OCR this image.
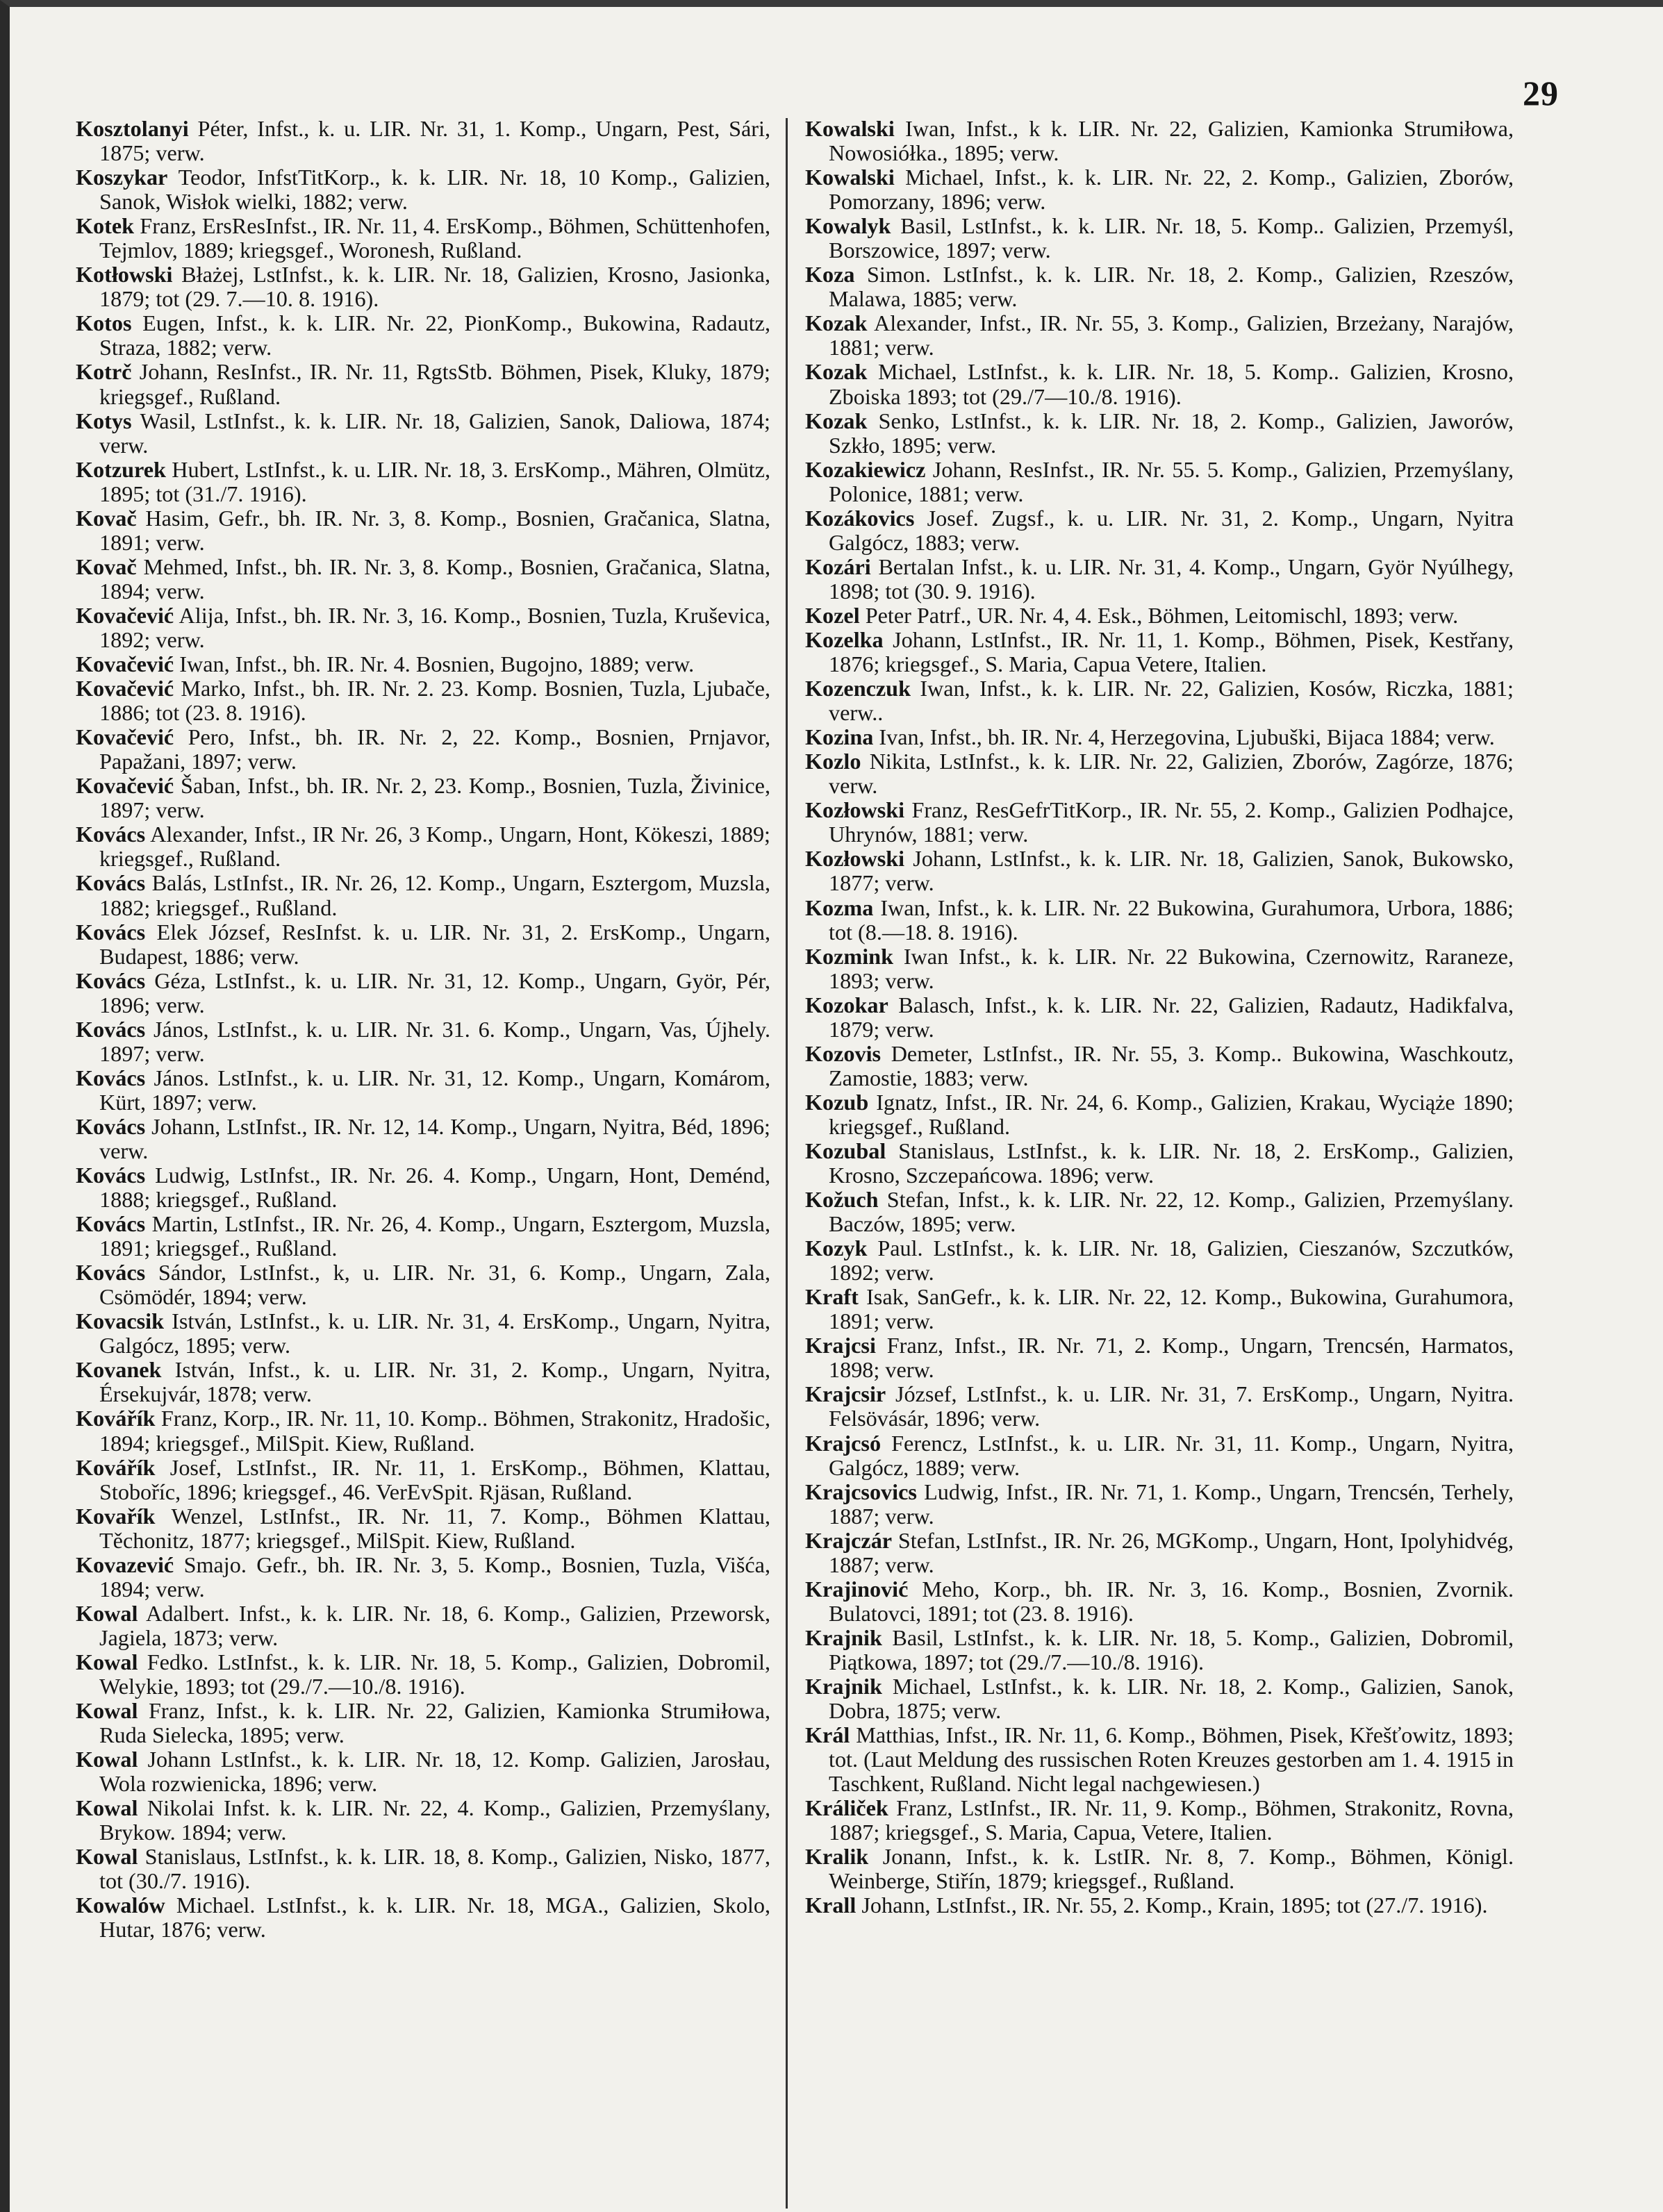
29

Kosztolanyi Péter, Infst., k. u. LIR. Nr. 31, 1. Komp., Ungarn, Pest, Sári, 1875; verw.

Koszykar Teodor, InfstTitKorp., k. k. LIR. Nr. 18, 10 Komp., Galizien, Sanok, Wisłok wielki, 1882; verw.

Kotek Franz, ErsResInfst., IR. Nr. 11, 4. ErsKomp., Böhmen, Schüttenhofen, Tejmlov, 1889; kriegsgef., Woronesh, Rußland.

Kotłowski Błażej, LstInfst., k. k. LIR. Nr. 18, Galizien, Krosno, Jasionka, 1879; tot (29. 7.—10. 8. 1916).

Kotos Eugen, Infst., k. k. LIR. Nr. 22, PionKomp., Bukowina, Radautz, Straza, 1882; verw.

Kotrč Johann, ResInfst., IR. Nr. 11, RgtsStb. Böhmen, Pisek, Kluky, 1879; kriegsgef., Rußland.

Kotys Wasil, LstInfst., k. k. LIR. Nr. 18, Galizien, Sanok, Daliowa, 1874; verw.

Kotzurek Hubert, LstInfst., k. u. LIR. Nr. 18, 3. ErsKomp., Mähren, Olmütz, 1895; tot (31./7. 1916).

Kovač Hasim, Gefr., bh. IR. Nr. 3, 8. Komp., Bosnien, Gračanica, Slatna, 1891; verw.

Kovač Mehmed, Infst., bh. IR. Nr. 3, 8. Komp., Bosnien, Gračanica, Slatna, 1894; verw.

Kovačević Alija, Infst., bh. IR. Nr. 3, 16. Komp., Bosnien, Tuzla, Kruševica, 1892; verw.

Kovačević Iwan, Infst., bh. IR. Nr. 4. Bosnien, Bugojno, 1889; verw.

Kovačević Marko, Infst., bh. IR. Nr. 2. 23. Komp. Bosnien, Tuzla, Ljubače, 1886; tot (23. 8. 1916).

Kovačević Pero, Infst., bh. IR. Nr. 2, 22. Komp., Bosnien, Prnjavor, Papažani, 1897; verw.

Kovačević Šaban, Infst., bh. IR. Nr. 2, 23. Komp., Bosnien, Tuzla, Živinice, 1897; verw.

Kovács Alexander, Infst., IR Nr. 26, 3 Komp., Ungarn, Hont, Kökeszi, 1889; kriegsgef., Rußland.

Kovács Balás, LstInfst., IR. Nr. 26, 12. Komp., Ungarn, Esztergom, Muzsla, 1882; kriegsgef., Rußland.

Kovács Elek József, ResInfst. k. u. LIR. Nr. 31, 2. ErsKomp., Ungarn, Budapest, 1886; verw.

Kovács Géza, LstInfst., k. u. LIR. Nr. 31, 12. Komp., Ungarn, Györ, Pér, 1896; verw.

Kovács János, LstInfst., k. u. LIR. Nr. 31. 6. Komp., Ungarn, Vas, Újhely. 1897; verw.

Kovács János. LstInfst., k. u. LIR. Nr. 31, 12. Komp., Ungarn, Komárom, Kürt, 1897; verw.

Kovács Johann, LstInfst., IR. Nr. 12, 14. Komp., Ungarn, Nyitra, Béd, 1896; verw.

Kovács Ludwig, LstInfst., IR. Nr. 26. 4. Komp., Ungarn, Hont, Deménd, 1888; kriegsgef., Rußland.

Kovács Martin, LstInfst., IR. Nr. 26, 4. Komp., Ungarn, Esztergom, Muzsla, 1891; kriegsgef., Rußland.

Kovács Sándor, LstInfst., k, u. LIR. Nr. 31, 6. Komp., Ungarn, Zala, Csömödér, 1894; verw.

Kovacsik István, LstInfst., k. u. LIR. Nr. 31, 4. ErsKomp., Ungarn, Nyitra, Galgócz, 1895; verw.

Kovanek István, Infst., k. u. LIR. Nr. 31, 2. Komp., Ungarn, Nyitra, Érsekujvár, 1878; verw.

Kovářík Franz, Korp., IR. Nr. 11, 10. Komp.. Böhmen, Strakonitz, Hradošic, 1894; kriegsgef., MilSpit. Kiew, Rußland.

Kovářík Josef, LstInfst., IR. Nr. 11, 1. ErsKomp., Böhmen, Klattau, Stoboříc, 1896; kriegsgef., 46. VerEvSpit. Rjäsan, Rußland.

Kovařík Wenzel, LstInfst., IR. Nr. 11, 7. Komp., Böhmen Klattau, Těchonitz, 1877; kriegsgef., MilSpit. Kiew, Rußland.

Kovazević Smajo. Gefr., bh. IR. Nr. 3, 5. Komp., Bosnien, Tuzla, Višća, 1894; verw.

Kowal Adalbert. Infst., k. k. LIR. Nr. 18, 6. Komp., Galizien, Przeworsk, Jagiela, 1873; verw.

Kowal Fedko. LstInfst., k. k. LIR. Nr. 18, 5. Komp., Galizien, Dobromil, Welykie, 1893; tot (29./7.—10./8. 1916).

Kowal Franz, Infst., k. k. LIR. Nr. 22, Galizien, Kamionka Strumiłowa, Ruda Sielecka, 1895; verw.

Kowal Johann LstInfst., k. k. LIR. Nr. 18, 12. Komp. Galizien, Jarosłau, Wola rozwienicka, 1896; verw.

Kowal Nikolai Infst. k. k. LIR. Nr. 22, 4. Komp., Galizien, Przemyślany, Brykow. 1894; verw.

Kowal Stanislaus, LstInfst., k. k. LIR. 18, 8. Komp., Galizien, Nisko, 1877, tot (30./7. 1916).

Kowalów Michael. LstInfst., k. k. LIR. Nr. 18, MGA., Galizien, Skolo, Hutar, 1876; verw.

Kowalski Iwan, Infst., k k. LIR. Nr. 22, Galizien, Kamionka Strumiłowa, Nowosiółka., 1895; verw.

Kowalski Michael, Infst., k. k. LIR. Nr. 22, 2. Komp., Galizien, Zborów, Pomorzany, 1896; verw.

Kowalyk Basil, LstInfst., k. k. LIR. Nr. 18, 5. Komp.. Galizien, Przemyśl, Borszowice, 1897; verw.

Koza Simon. LstInfst., k. k. LIR. Nr. 18, 2. Komp., Galizien, Rzeszów, Malawa, 1885; verw.

Kozak Alexander, Infst., IR. Nr. 55, 3. Komp., Galizien, Brzeżany, Narajów, 1881; verw.

Kozak Michael, LstInfst., k. k. LIR. Nr. 18, 5. Komp.. Galizien, Krosno, Zboiska 1893; tot (29./7—10./8. 1916).

Kozak Senko, LstInfst., k. k. LIR. Nr. 18, 2. Komp., Galizien, Jaworów, Szkło, 1895; verw.

Kozakiewicz Johann, ResInfst., IR. Nr. 55. 5. Komp., Galizien, Przemyślany, Polonice, 1881; verw.

Kozákovics Josef. Zugsf., k. u. LIR. Nr. 31, 2. Komp., Ungarn, Nyitra Galgócz, 1883; verw.

Kozári Bertalan Infst., k. u. LIR. Nr. 31, 4. Komp., Ungarn, Györ Nyúlhegy, 1898; tot (30. 9. 1916).

Kozel Peter Patrf., UR. Nr. 4, 4. Esk., Böhmen, Leitomischl, 1893; verw.

Kozelka Johann, LstInfst., IR. Nr. 11, 1. Komp., Böhmen, Pisek, Kestřany, 1876; kriegsgef., S. Maria, Capua Vetere, Italien.

Kozenczuk Iwan, Infst., k. k. LIR. Nr. 22, Galizien, Kosów, Riczka, 1881; verw..

Kozina Ivan, Infst., bh. IR. Nr. 4, Herzegovina, Ljubuški, Bijaca 1884; verw.

Kozlo Nikita, LstInfst., k. k. LIR. Nr. 22, Galizien, Zborów, Zagórze, 1876; verw.

Kozłowski Franz, ResGefrTitKorp., IR. Nr. 55, 2. Komp., Galizien Podhajce, Uhrynów, 1881; verw.

Kozłowski Johann, LstInfst., k. k. LIR. Nr. 18, Galizien, Sanok, Bukowsko, 1877; verw.

Kozma Iwan, Infst., k. k. LIR. Nr. 22 Bukowina, Gurahumora, Urbora, 1886; tot (8.—18. 8. 1916).

Kozmink Iwan Infst., k. k. LIR. Nr. 22 Bukowina, Czernowitz, Raraneze, 1893; verw.

Kozokar Balasch, Infst., k. k. LIR. Nr. 22, Galizien, Radautz, Hadikfalva, 1879; verw.

Kozovis Demeter, LstInfst., IR. Nr. 55, 3. Komp.. Bukowina, Waschkoutz, Zamostie, 1883; verw.

Kozub Ignatz, Infst., IR. Nr. 24, 6. Komp., Galizien, Krakau, Wyciąże 1890; kriegsgef., Rußland.

Kozubal Stanislaus, LstInfst., k. k. LIR. Nr. 18, 2. ErsKomp., Galizien, Krosno, Szczepańcowa. 1896; verw.

Kožuch Stefan, Infst., k. k. LIR. Nr. 22, 12. Komp., Galizien, Przemyślany. Baczów, 1895; verw.

Kozyk Paul. LstInfst., k. k. LIR. Nr. 18, Galizien, Cieszanów, Szczutków, 1892; verw.

Kraft Isak, SanGefr., k. k. LIR. Nr. 22, 12. Komp., Bukowina, Gurahumora, 1891; verw.

Krajcsi Franz, Infst., IR. Nr. 71, 2. Komp., Ungarn, Trencsén, Harmatos, 1898; verw.

Krajcsir József, LstInfst., k. u. LIR. Nr. 31, 7. ErsKomp., Ungarn, Nyitra. Felsövásár, 1896; verw.

Krajcsó Ferencz, LstInfst., k. u. LIR. Nr. 31, 11. Komp., Ungarn, Nyitra, Galgócz, 1889; verw.

Krajcsovics Ludwig, Infst., IR. Nr. 71, 1. Komp., Ungarn, Trencsén, Terhely, 1887; verw.

Krajczár Stefan, LstInfst., IR. Nr. 26, MGKomp., Ungarn, Hont, Ipolyhidvég, 1887; verw.

Krajinović Meho, Korp., bh. IR. Nr. 3, 16. Komp., Bosnien, Zvornik. Bulatovci, 1891; tot (23. 8. 1916).

Krajnik Basil, LstInfst., k. k. LIR. Nr. 18, 5. Komp., Galizien, Dobromil, Piątkowa, 1897; tot (29./7.—10./8. 1916).

Krajnik Michael, LstInfst., k. k. LIR. Nr. 18, 2. Komp., Galizien, Sanok, Dobra, 1875; verw.

Král Matthias, Infst., IR. Nr. 11, 6. Komp., Böhmen, Pisek, Křešťowitz, 1893; tot. (Laut Meldung des russischen Roten Kreuzes gestorben am 1. 4. 1915 in Taschkent, Rußland. Nicht legal nachgewiesen.)

Králiček Franz, LstInfst., IR. Nr. 11, 9. Komp., Böhmen, Strakonitz, Rovna, 1887; kriegsgef., S. Maria, Capua, Vetere, Italien.

Kralik Jonann, Infst., k. k. LstIR. Nr. 8, 7. Komp., Böhmen, Königl. Weinberge, Stiřín, 1879; kriegsgef., Rußland.

Krall Johann, LstInfst., IR. Nr. 55, 2. Komp., Krain, 1895; tot (27./7. 1916).
